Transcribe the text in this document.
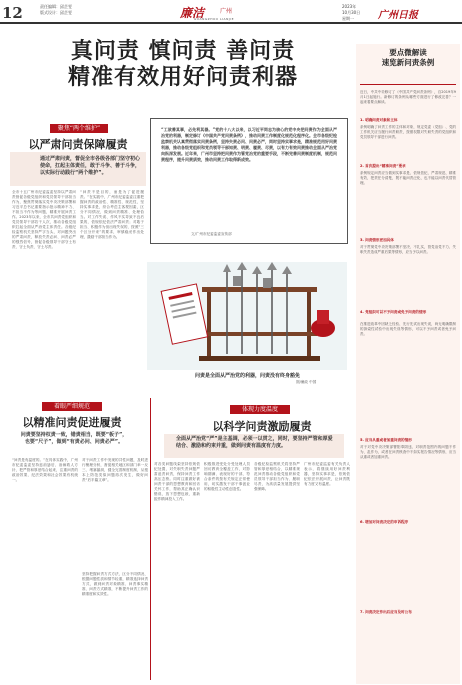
12	责任编辑：邱芷雯
版式设计：邱芷雯	廉洁	广州
GUANGZHOU LIANJIE
2023年
10月30日
星期一	广州日报
真问责 慎问责 善问责
精准有效用好问责利器
聚焦“两个维护”
以严肃问责保障履责
通过严肃问责，督促全市各级各部门坚守初心使命，扛起主体责任，敢于斗争、善于斗争，以实际行动践行“两个维护”。
全市十五广州市纪委监委坚持以严肃问责督促各级党组织和党员领导干部担当作为，聚焦贯彻落实党中央决策部署和习近平总书记重要指示批示精神不力、不担当不作为等问题，精准开展问责工作。2023年以来，全市共问责党组织和党员领导干部若干人次，推动各级党组织扛起全面从严治党主体责任。各级纪检监察机关坚持严字当头，对问题突出的严肃问责，释放失责必问、问责必严的强烈信号，督促各级领导干部守土有责、守土负责、守土尽责。
“问责不是目的，而是为了促进履责。”在实践中，广州市纪委监委注重把握问责的政治性、精准性、规范性，坚持实事求是，综合考虑主客观因素，区分不同情况，做到问责精准、处理恰当。对工作失误、作风不实导致不良后果的，依规依纪依法严肃问责；对敢于担当、积极作为但出现失误的，按照“三个区分开来”的要求，审慎稳妥作出处理，激励干部担当作为。
“工欲善其事，必先利其器。”党的十八大以来，以习近平同志为核心的党中央把问责作为全面从严治党的利器，制定修订《中国共产党问责条例》，推动问责工作制度化规范化程序化。全市各级纪检监察机关认真贯彻落实问责条例，坚持失责必问、问责必严，同时坚持实事求是，精准规范用好问责利器，推动各级党组织和党员领导干部知责、明责、履责、尽责，以有力有效问责推动全面从严治党向纵深发展。近年来，广州市坚持把问责作为管党治党的重要手段，不断完善问责制度机制，规范问责程序，提升问责质效，推动问责工作取得新成效。
文/广州市纪委监委宣传部
问责是全面从严治党的利器，问责没有终身豁免
图/廉政 中国
着眼严细规范
以精准问责促进履责
问责要坚持权责一致，错责相当，既要“板子”，也要“尺子”，做到“有责必问、问责必严”。
“问责是有温度的。”在具体实践中，广州市纪委监委坚持惩前毖后、治病救人方针，把严管和厚爱结合起来，注重问责的政治效果、纪法效果和社会效果有机统一。
对于问责工作中发现的共性问题，及时进行梳理分析，督促相关地区和部门举一反三、堵塞漏洞，健全完善制度机制，从根本上防范类似问题再次发生，做好问责“后半篇文章”。
坚持把握问责方式方法，区分不同情况、根据问题性质和情节轻重，精准选择问责方式，做到问责对象精准、问责事实精准、问责方式精准，不断提升问责工作的精准度和实效性。
体现力度温度
以科学问责激励履责
全面从严治党“严”是主基调，必须一以贯之，同时，要坚持严管和厚爱结合、激励和约束并重，做到问责有温度有力度。
对各类问题线索坚持依规依纪处置，对失职失责问题严肃追责问责，保持问责工作高压态势。同时注重做好被问责干部的思想教育和回访关怀工作，帮助其正确认识错误，放下思想包袱，重新振作精神投入工作。
积极推进受处分受处理人员回访教育全覆盖工作，对影响期满、表现好的干部，符合条件的按有关规定正常使用，切实激发干部干事创业的积极性主动性创造性。
各级纪检监察机关将坚持严管和厚爱相结合，以精准规范问责推动各级党组织和党员领导干部担当作为、履职尽责，为高质量发展提供坚强保障。
广州市纪委监委有关负责人表示，将继续用好问责利器，坚持实事求是，依规依纪依法开展问责，让问责既有力度又有温度。
要点微解读
速览新问责条例
近日，中共中央修订了《中国共产党问责条例》，自2019年9月1日起施行。新修订的条例从哪些方面进行了修改完善？一起来看要点解读。
1. 明确问责对象和主体
条例明确了问责工作的主体和对象，规定党委（党组）、党的工作机关应当履行问责职责，按照权限对失职失责的党组织和党员领导干部进行问责。
2. 首次提出“精准问责”要求
条例规定问责应当做到实事求是、依规依纪、严肃规范、精准有效，把责任分清楚，既不能问责泛化、也不能以问责代替管理。
3. 问责情形更加具体
对于贯彻党中央决策部署不坚决、不扎实，管党治党不力、失职失责造成严重后果等情形，应当予以问责。
4. 党组织可以不予问责或免予问责的情形
在推进改革中因缺乏经验、先行先试出现失误，尚无明确限制的探索性试验中出现失误等情形，可以不予问责或者免予问责。
5. 应当从重或者加重问责的情形
对于对党中央决策部署阳奉阴违、对职责范围内的问题不作为、乱作为，或者在问责核查中不如实报告情况等情形，应当从重或者加重问责。
6. 增加对问责决定的申诉程序
7. 问责决定作出后应当及时公布
